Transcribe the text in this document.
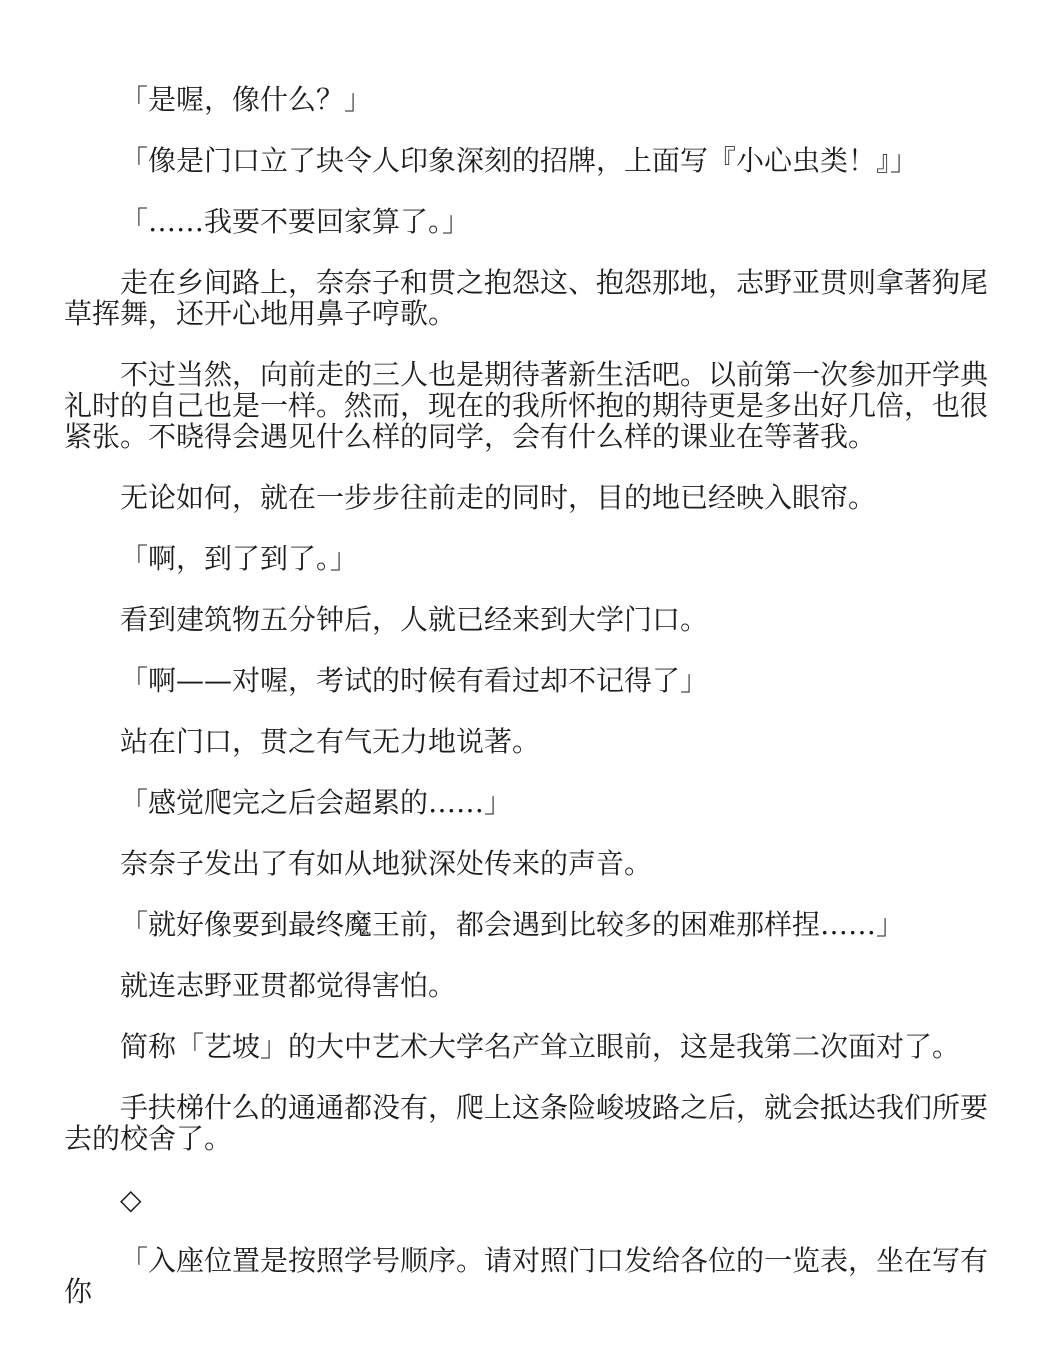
「是喔，像什么？」

「像是门口立了块令人印象深刻的招牌，上面写『小心虫类！』」

「……我要不要回家算了。」

走在乡间路上，奈奈子和贯之抱怨这、抱怨那地，志野亚贯则拿著狗尾草挥舞，还开心地用鼻子哼歌。

不过当然，向前走的三人也是期待著新生活吧。以前第一次参加开学典礼时的自己也是一样。然而，现在的我所怀抱的期待更是多出好几倍，也很紧张。不晓得会遇见什么样的同学，会有什么样的课业在等著我。

无论如何，就在一步步往前走的同时，目的地已经映入眼帘。

「啊，到了到了。」

看到建筑物五分钟后，人就已经来到大学门口。

「啊——对喔，考试的时候有看过却不记得了」

站在门口，贯之有气无力地说著。

「感觉爬完之后会超累的……」

奈奈子发出了有如从地狱深处传来的声音。

「就好像要到最终魔王前，都会遇到比较多的困难那样捏……」

就连志野亚贯都觉得害怕。

简称「艺坡」的大中艺术大学名产耸立眼前，这是我第二次面对了。

手扶梯什么的通通都没有，爬上这条险峻坡路之后，就会抵达我们所要去的校舍了。

◇

「入座位置是按照学号顺序。请对照门口发给各位的一览表，坐在写有你
